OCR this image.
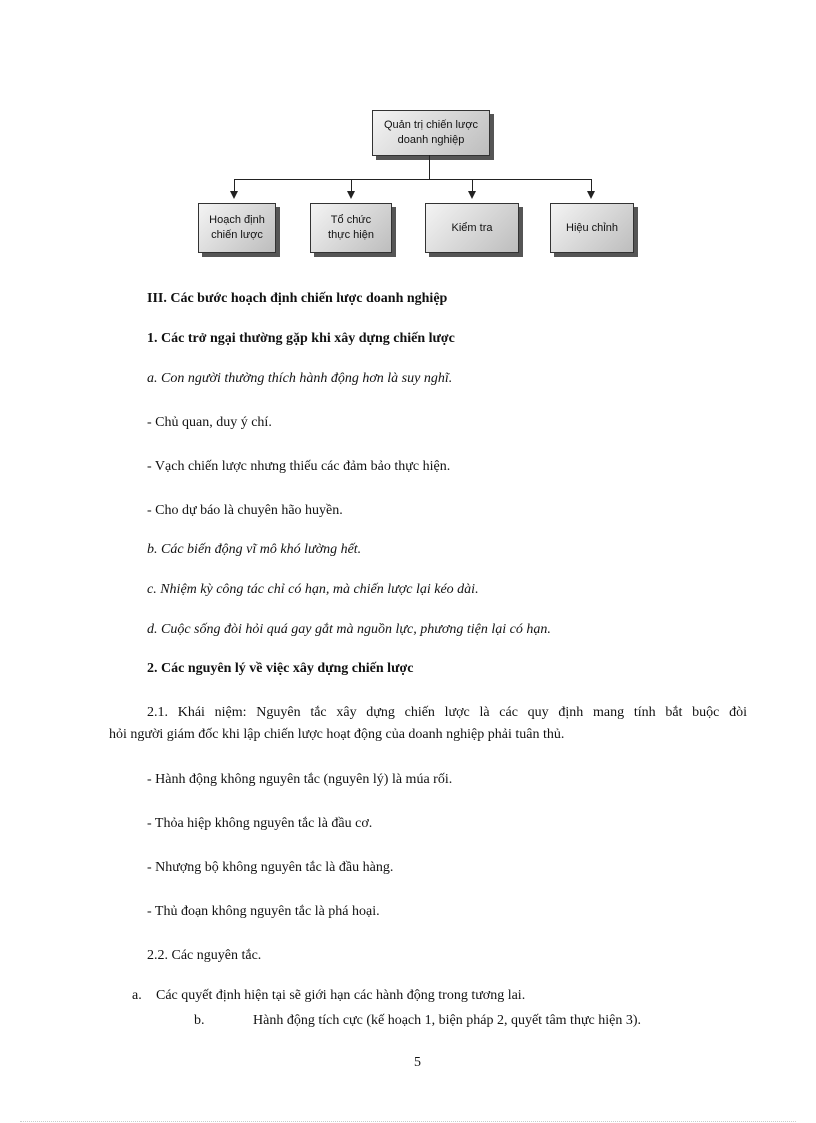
Quản trị chiến lược
doanh nghiệp
Hoạch định
chiến lược
Tổ chức
thực hiện
Kiểm tra	Hiệu chỉnh
III. Các bước hoạch định chiến lược doanh nghiệp
1. Các trở ngại thường gặp khi xây dựng chiến lược
a. Con người thường thích hành động hơn là suy nghĩ.
- Chủ quan, duy ý chí.
- Vạch chiến lược nhưng thiếu các đảm bảo thực hiện.
- Cho dự báo là chuyên hão huyền.
b. Các biến động vĩ mô khó lường hết.
c. Nhiệm kỳ công tác chỉ có hạn, mà chiến lược lại kéo dài.
d. Cuộc sống đòi hỏi quá gay gắt mà nguồn lực, phương tiện lại có hạn.
2. Các nguyên lý về việc xây dựng chiến lược
2.1. Khái niệm: Nguyên tắc xây dựng chiến lược là các quy định mang tính bắt buộc đòi
hỏi người giám đốc khi lập chiến lược hoạt động của doanh nghiệp phải tuân thủ.
- Hành động không nguyên tắc (nguyên lý) là múa rối.
- Thỏa hiệp không nguyên tắc là đầu cơ.
- Nhượng bộ không nguyên tắc là đầu hàng.
- Thủ đoạn không nguyên tắc là phá hoại.
2.2. Các nguyên tắc.
a. Các quyết định hiện tại sẽ giới hạn các hành động trong tương lai.
b.	Hành động tích cực (kế hoạch 1, biện pháp 2, quyết tâm thực hiện 3).
5
